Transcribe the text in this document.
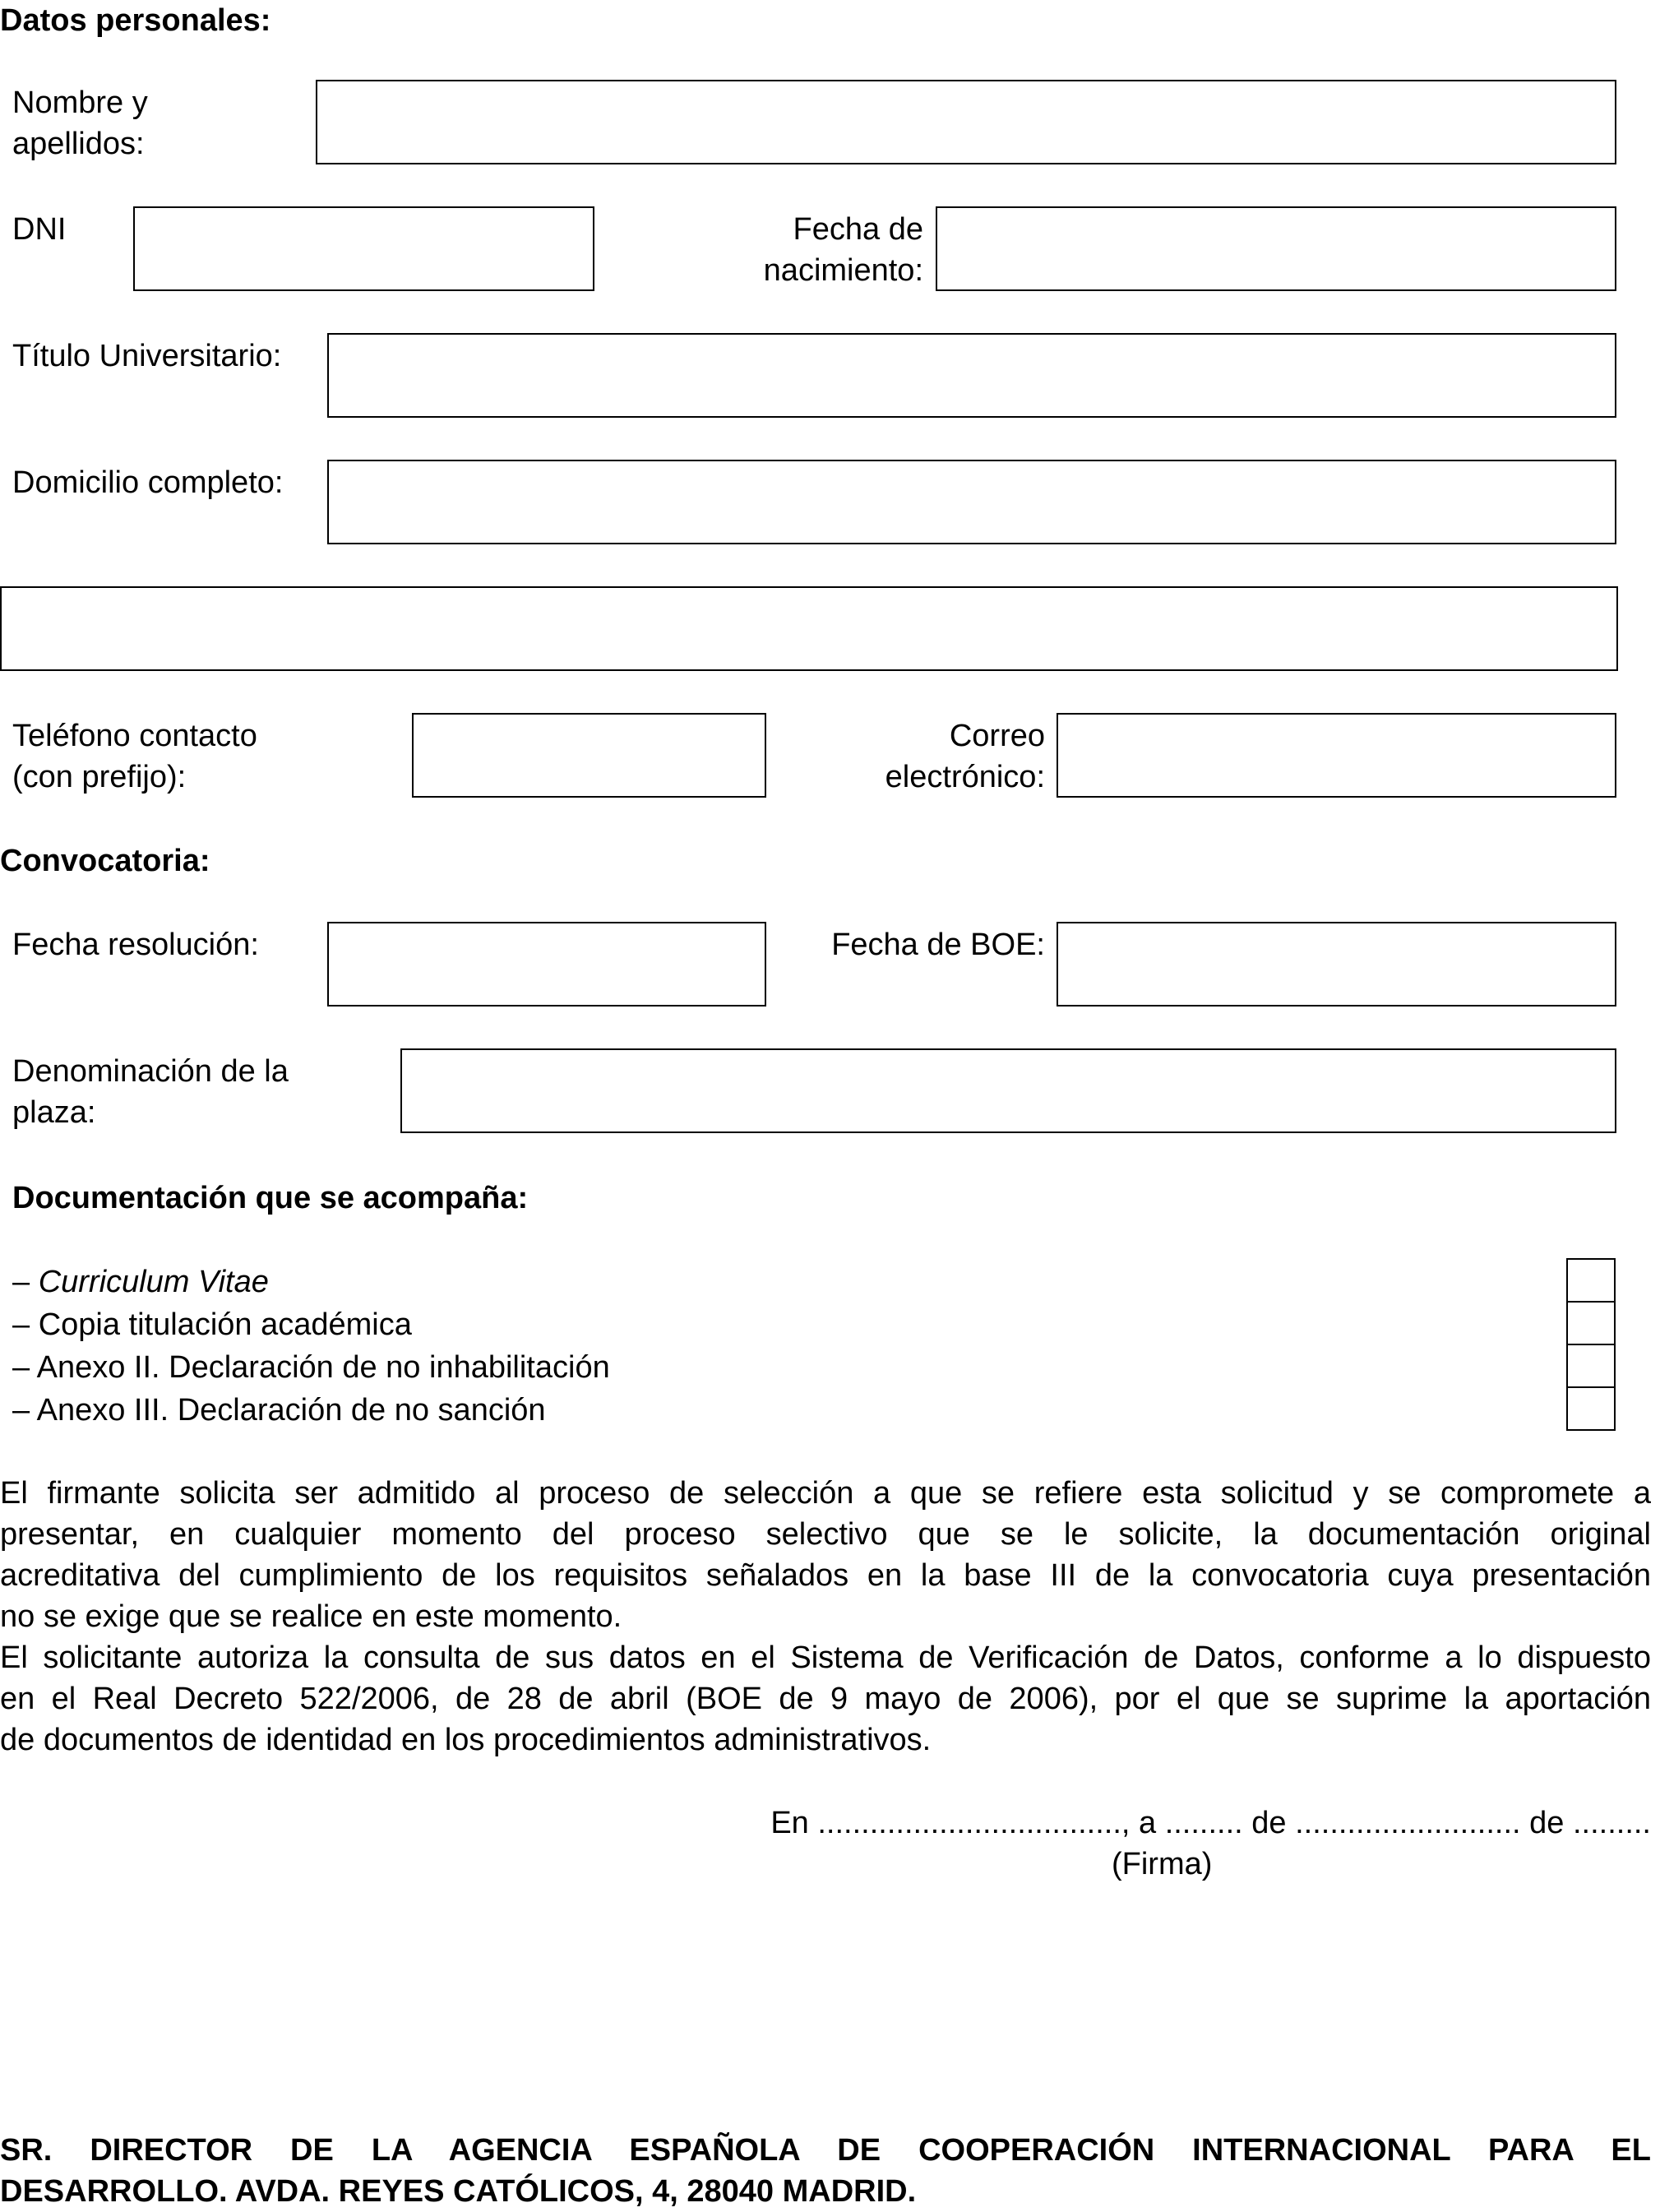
Datos personales:
Nombre y
apellidos:
DNI	Fecha de
nacimiento:
Título Universitario:
Domicilio completo:
Teléfono contacto
(con prefijo):
Correo
electrónico:
Convocatoria:
Fecha resolución:	Fecha de BOE:
Denominación de la
plaza:
Documentación que se acompaña:
– Curriculum Vitae
– Copia titulación académica
– Anexo II. Declaración de no inhabilitación
– Anexo III. Declaración de no sanción
El firmante solicita ser admitido al proceso de selección a que se refiere esta solicitud y se compromete a
presentar, en cualquier momento del proceso selectivo que se le solicite, la documentación original
acreditativa del cumplimiento de los requisitos señalados en la base III de la convocatoria cuya presentación
no se exige que se realice en este momento.
El solicitante autoriza la consulta de sus datos en el Sistema de Verificación de Datos, conforme a lo dispuesto
en el Real Decreto 522/2006, de 28 de abril (BOE de 9 mayo de 2006), por el que se suprime la aportación
de documentos de identidad en los procedimientos administrativos.
En ..................................., a ......... de .......................... de .........
(Firma)
SR. DIRECTOR DE LA AGENCIA ESPAÑOLA DE COOPERACIÓN INTERNACIONAL PARA EL
DESARROLLO. AVDA. REYES CATÓLICOS, 4, 28040 MADRID.
